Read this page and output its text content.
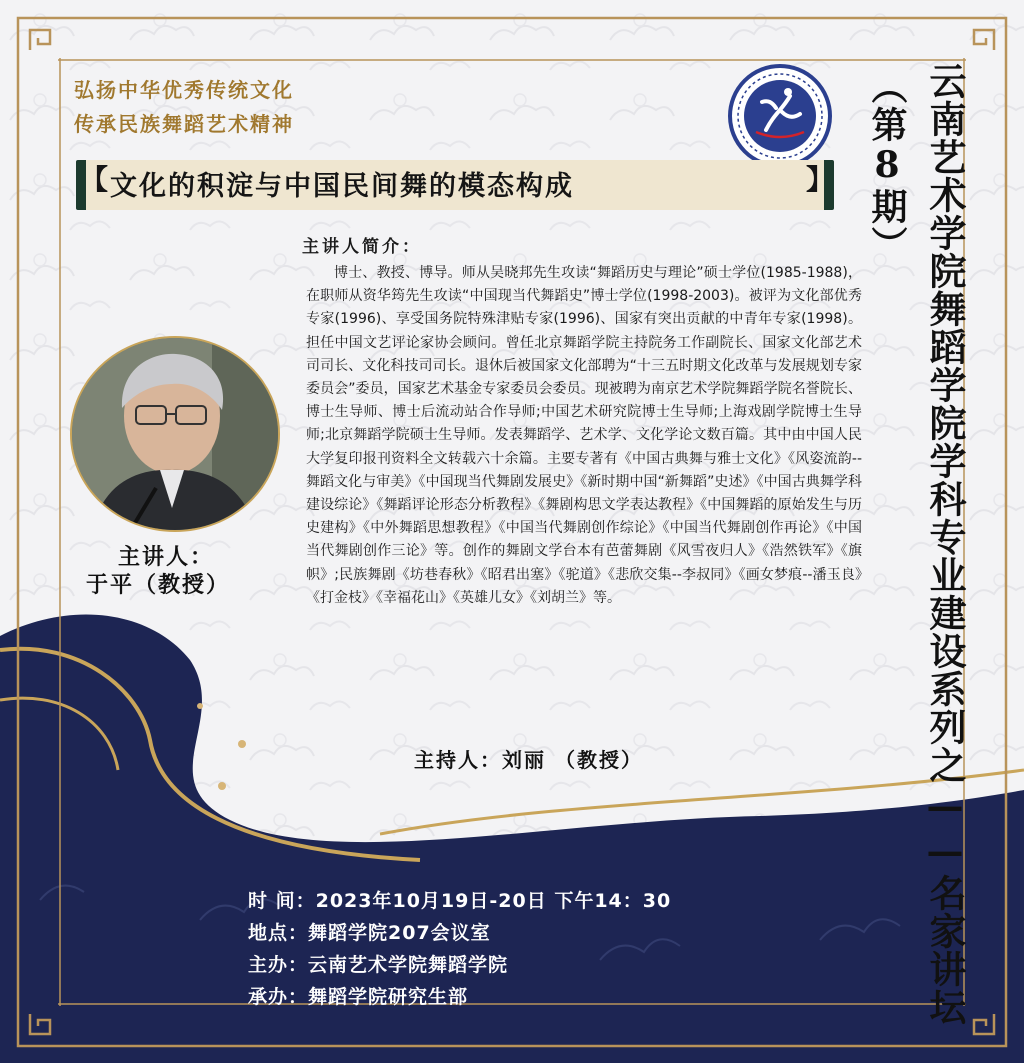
弘扬中华优秀传统文化
传承民族舞蹈艺术精神
【 文化的积淀与中国民间舞的模态构成	】 （第8期） 云南艺术学院舞蹈学院学科专业建设系列之——名家讲坛
主讲人简介：
博士、教授、博导。师从吴晓邦先生攻读“舞蹈历史与理论”硕士学位(1985-1988)，在职师从资华筠先生攻读“中国现当代舞蹈史”博士学位(1998-2003)。被评为文化部优秀专家(1996)、享受国务院特殊津贴专家(1996)、国家有突出贡献的中青年专家(1998)。担任中国文艺评论家协会顾问。曾任北京舞蹈学院主持院务工作副院长、国家文化部艺术司司长、文化科技司司长。退休后被国家文化部聘为“十三五时期文化改革与发展规划专家委员会”委员，国家艺术基金专家委员会委员。现被聘为南京艺术学院舞蹈学院名誉院长、博士生导师、博士后流动站合作导师;中国艺术研究院博士生导师;上海戏剧学院博士生导师;北京舞蹈学院硕士生导师。发表舞蹈学、艺术学、文化学论文数百篇。其中由中国人民大学复印报刊资料全文转载六十余篇。主要专著有《中国古典舞与雅士文化》《风姿流韵--舞蹈文化与审美》《中国现当代舞剧发展史》《新时期中国“新舞蹈”史述》《中国古典舞学科建设综论》《舞蹈评论形态分析教程》《舞剧构思文学表达教程》《中国舞蹈的原始发生与历史建构》《中外舞蹈思想教程》《中国当代舞剧创作综论》《中国当代舞剧创作再论》《中国当代舞剧创作三论》等。创作的舞剧文学台本有芭蕾舞剧《风雪夜归人》《浩然铁军》《旗帜》;民族舞剧《坊巷春秋》《昭君出塞》《驼道》《悲欣交集--李叔同》《画女梦痕--潘玉良》《打金枝》《幸福花山》《英雄儿女》《刘胡兰》等。
主讲人：
于平（教授）
主持人：刘丽 （教授）
时 间：2023年10月19日-20日 下午14：30
地点：舞蹈学院207会议室
主办：云南艺术学院舞蹈学院
承办：舞蹈学院研究生部
